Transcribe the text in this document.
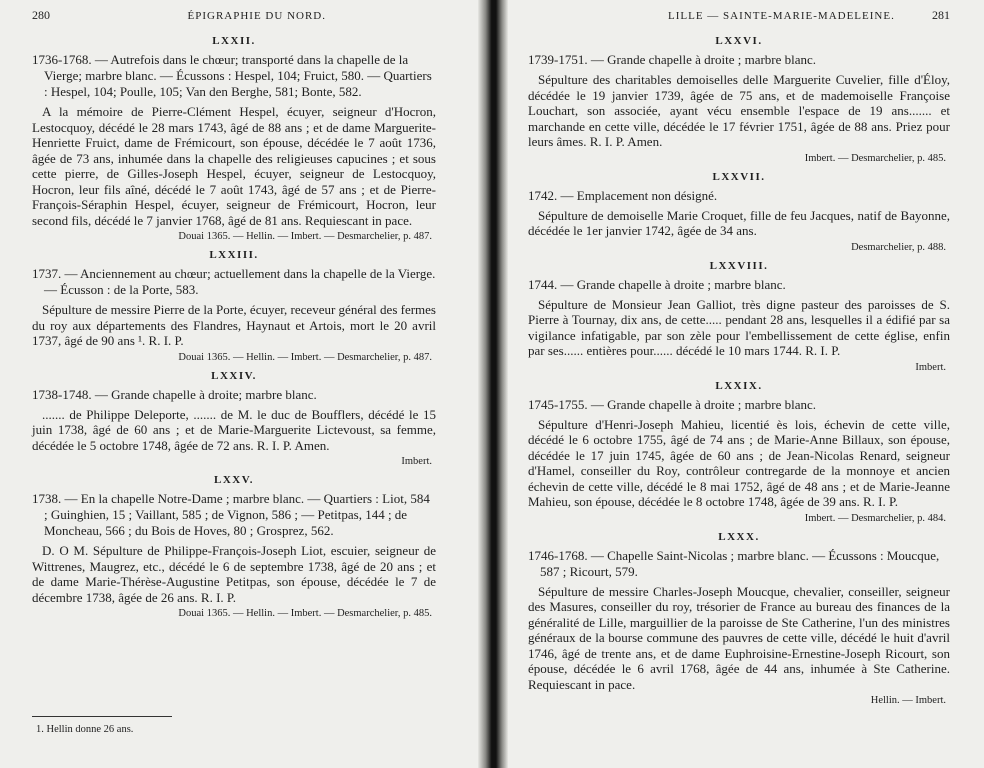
280	ÉPIGRAPHIE DU NORD.
LXXII.
1736-1768. — Autrefois dans le chœur; transporté dans la chapelle de la Vierge; marbre blanc. — Écussons : Hespel, 104; Fruict, 580. — Quartiers : Hespel, 104; Poulle, 105; Van den Berghe, 581; Bonte, 582.

A la mémoire de Pierre-Clément Hespel, écuyer, seigneur d'Hocron, Lestocquoy, décédé le 28 mars 1743, âgé de 88 ans ; et de dame Marguerite-Henriette Fruict, dame de Frémicourt, son épouse, décédée le 7 août 1736, âgée de 73 ans, inhumée dans la chapelle des religieuses capucines ; et sous cette pierre, de Gilles-Joseph Hespel, écuyer, seigneur de Lestocquoy, Hocron, leur fils aîné, décédé le 7 août 1743, âgé de 57 ans ; et de Pierre-François-Séraphin Hespel, écuyer, seigneur de Frémicourt, Hocron, leur second fils, décédé le 7 janvier 1768, âgé de 81 ans. Requiescant in pace.

Douai 1365. — Hellin. — Imbert. — Desmarchelier, p. 487.
LXXIII.
1737. — Anciennement au chœur; actuellement dans la chapelle de la Vierge. — Écusson : de la Porte, 583.

Sépulture de messire Pierre de la Porte, écuyer, receveur général des fermes du roy aux départements des Flandres, Haynaut et Artois, mort le 20 avril 1737, âgé de 90 ans ¹. R. I. P.

Douai 1365. — Hellin. — Imbert. — Desmarchelier, p. 487.
LXXIV.
1738-1748. — Grande chapelle à droite; marbre blanc.

....... de Philippe Deleporte, ....... de M. le duc de Boufflers, décédé le 15 juin 1738, âgé de 60 ans ; et de Marie-Marguerite Lictevoust, sa femme, décédée le 5 octobre 1748, âgée de 72 ans. R. I. P. Amen.

Imbert.
LXXV.
1738. — En la chapelle Notre-Dame ; marbre blanc. — Quartiers : Liot, 584 ; Guinghien, 15 ; Vaillant, 585 ; de Vignon, 586 ; — Petitpas, 144 ; de Moncheau, 566 ; du Bois de Hoves, 80 ; Grosprez, 562.

D. O M. Sépulture de Philippe-François-Joseph Liot, escuier, seigneur de Wittrenes, Maugrez, etc., décédé le 6 de septembre 1738, âgé de 20 ans ; et de dame Marie-Thérèse-Augustine Petitpas, son épouse, décédée le 7 de décembre 1738, âgée de 26 ans. R. I. P.

Douai 1365. — Hellin. — Imbert. — Desmarchelier, p. 485.
1. Hellin donne 26 ans.
LILLE — SAINTE-MARIE-MADELEINE.	281
LXXVI.
1739-1751. — Grande chapelle à droite ; marbre blanc.

Sépulture des charitables demoiselles delle Marguerite Cuvelier, fille d'Éloy, décédée le 19 janvier 1739, âgée de 75 ans, et de mademoiselle Françoise Louchart, son associée, ayant vécu ensemble l'espace de 19 ans....... et marchande en cette ville, décédée le 17 février 1751, âgée de 88 ans. Priez pour leurs âmes. R. I. P. Amen.

Imbert. — Desmarchelier, p. 485.
LXXVII.
1742. — Emplacement non désigné.

Sépulture de demoiselle Marie Croquet, fille de feu Jacques, natif de Bayonne, décédée le 1er janvier 1742, âgée de 34 ans.

Desmarchelier, p. 488.
LXXVIII.
1744. — Grande chapelle à droite ; marbre blanc.

Sépulture de Monsieur Jean Galliot, très digne pasteur des paroisses de S. Pierre à Tournay, dix ans, de cette..... pendant 28 ans, lesquelles il a édifié par sa vigilance infatigable, par son zèle pour l'embellissement de cette église, enfin par ses...... entières pour...... décédé le 10 mars 1744. R. I. P.

Imbert.
LXXIX.
1745-1755. — Grande chapelle à droite ; marbre blanc.

Sépulture d'Henri-Joseph Mahieu, licentié ès lois, échevin de cette ville, décédé le 6 octobre 1755, âgé de 74 ans ; de Marie-Anne Billaux, son épouse, décédée le 17 juin 1745, âgée de 60 ans ; de Jean-Nicolas Renard, seigneur d'Hamel, conseiller du Roy, contrôleur contregarde de la monnoye et ancien échevin de cette ville, décédé le 8 mai 1752, âgé de 48 ans ; et de Marie-Jeanne Mahieu, son épouse, décédée le 8 octobre 1748, âgée de 39 ans. R. I. P.

Imbert. — Desmarchelier, p. 484.
LXXX.
1746-1768. — Chapelle Saint-Nicolas ; marbre blanc. — Écussons : Moucque, 587 ; Ricourt, 579.

Sépulture de messire Charles-Joseph Moucque, chevalier, conseiller, seigneur des Masures, conseiller du roy, trésorier de France au bureau des finances de la généralité de Lille, marguillier de la paroisse de Ste Catherine, l'un des ministres généraux de la bourse commune des pauvres de cette ville, décédé le huit d'avril 1746, âgé de trente ans, et de dame Euphroisine-Ernestine-Joseph Ricourt, son épouse, décédée le 6 avril 1768, âgée de 44 ans, inhumée à Ste Catherine. Requiescant in pace.

Hellin. — Imbert.
